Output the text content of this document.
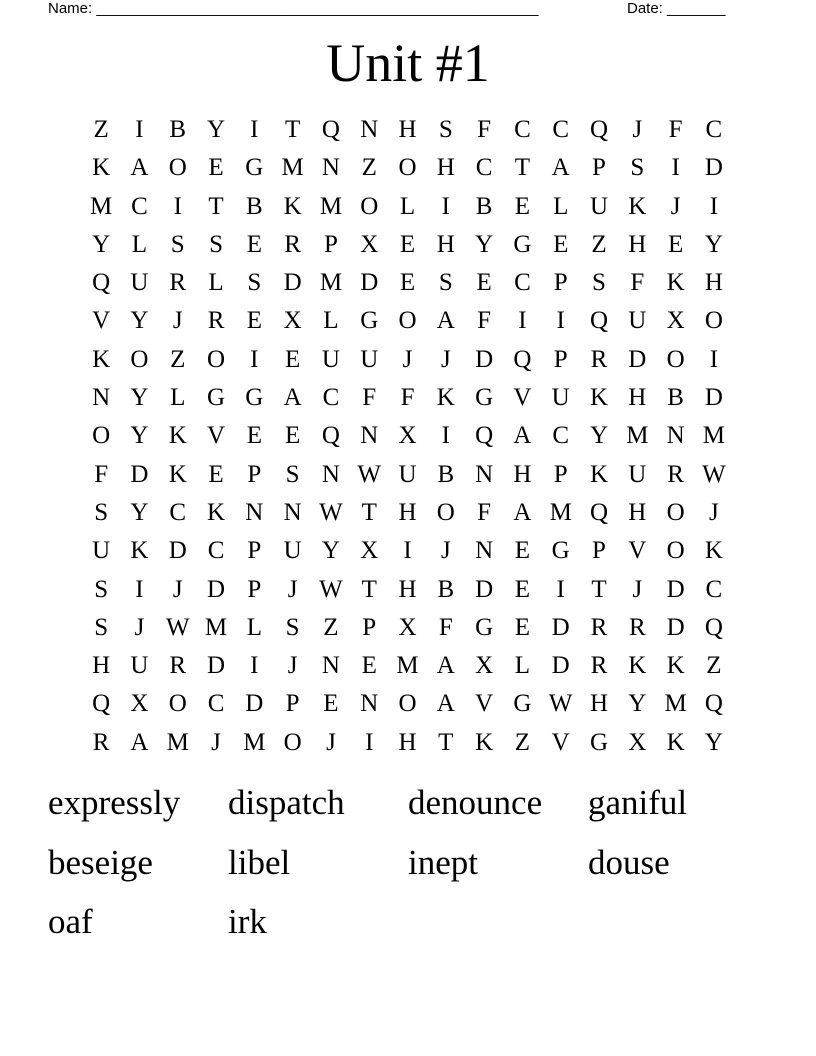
Name: _____________________________________________________	Date: _______
Unit #1
Z	I	B Y	I	T Q N H S F C C Q J	F C
K A O E G M N Z O H C T A P S	I	D
M C	I	T B K M O L	I	B E L U K J	I
Y L S S E R P X E H Y G E Z H E Y
Q U R L S D M D E S E C P S F K H
V Y J	R E X L G O A F	I	I	Q U X O
K O Z O	I	E U U J	J D Q P R D O	I
N Y L G G A C F F K G V U K H B D
O Y K V E E Q N X	I	Q A C Y M N M
F D K E P S N W U B N H P K U R W
S Y C K N N W T H O F A M Q H O J
U K D C P U Y X	I	J N E G P V O K
S	I	J D P	J W T H B D E	I	T	J D C
S	J W M L S Z P X F G E D R R D Q
H U R D	I	J N E M A X L D R K K Z
Q X O C D P E N O A V G W H Y M Q
R A M J M O J	I	H T K Z V G X K Y
expressly	dispatch	denounce	ganiful
beseige	libel	inept	douse
oaf	irk
